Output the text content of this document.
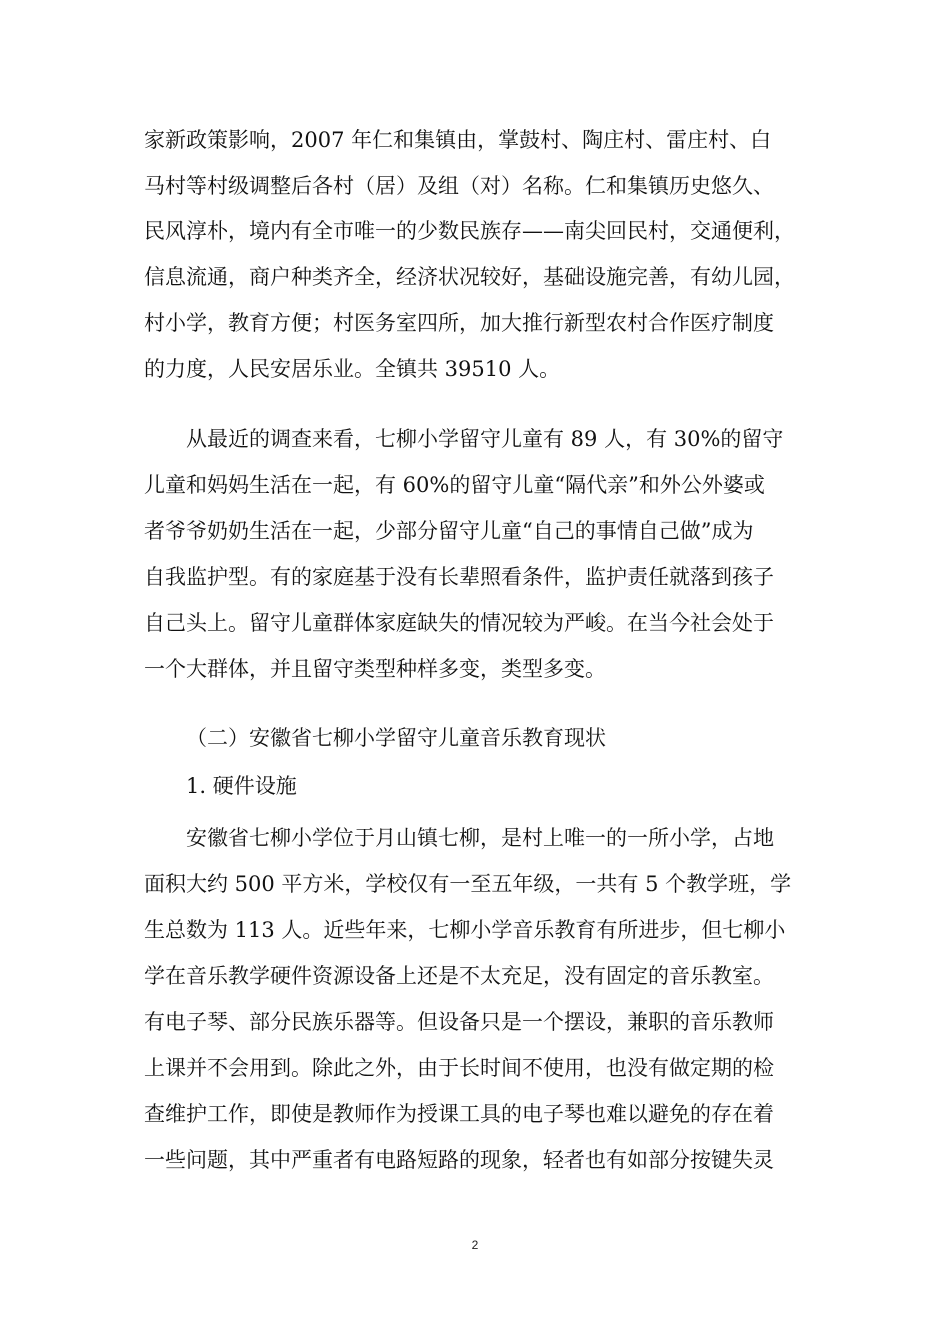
家新政策影响，2007 年仁和集镇由，掌鼓村、陶庄村、雷庄村、白
马村等村级调整后各村（居）及组（对）名称。仁和集镇历史悠久、
民风淳朴，境内有全市唯一的少数民族存——南尖回民村，交通便利，
信息流通，商户种类齐全，经济状况较好，基础设施完善，有幼儿园，
村小学，教育方便；村医务室四所，加大推行新型农村合作医疗制度
的力度，人民安居乐业。全镇共 39510 人。
从最近的调查来看，七柳小学留守儿童有 89 人，有 30%的留守
儿童和妈妈生活在一起，有 60%的留守儿童“隔代亲”和外公外婆或
者爷爷奶奶生活在一起，少部分留守儿童“自己的事情自己做”成为
自我监护型。有的家庭基于没有长辈照看条件，监护责任就落到孩子
自己头上。留守儿童群体家庭缺失的情况较为严峻。在当今社会处于
一个大群体，并且留守类型种样多变，类型多变。
（二）安徽省七柳小学留守儿童音乐教育现状
1. 硬件设施
安徽省七柳小学位于月山镇七柳，是村上唯一的一所小学，占地
面积大约 500 平方米，学校仅有一至五年级，一共有 5 个教学班，学
生总数为 113 人。近些年来，七柳小学音乐教育有所进步，但七柳小
学在音乐教学硬件资源设备上还是不太充足，没有固定的音乐教室。
有电子琴、部分民族乐器等。但设备只是一个摆设，兼职的音乐教师
上课并不会用到。除此之外，由于长时间不使用，也没有做定期的检
查维护工作，即使是教师作为授课工具的电子琴也难以避免的存在着
一些问题，其中严重者有电路短路的现象，轻者也有如部分按键失灵
2
